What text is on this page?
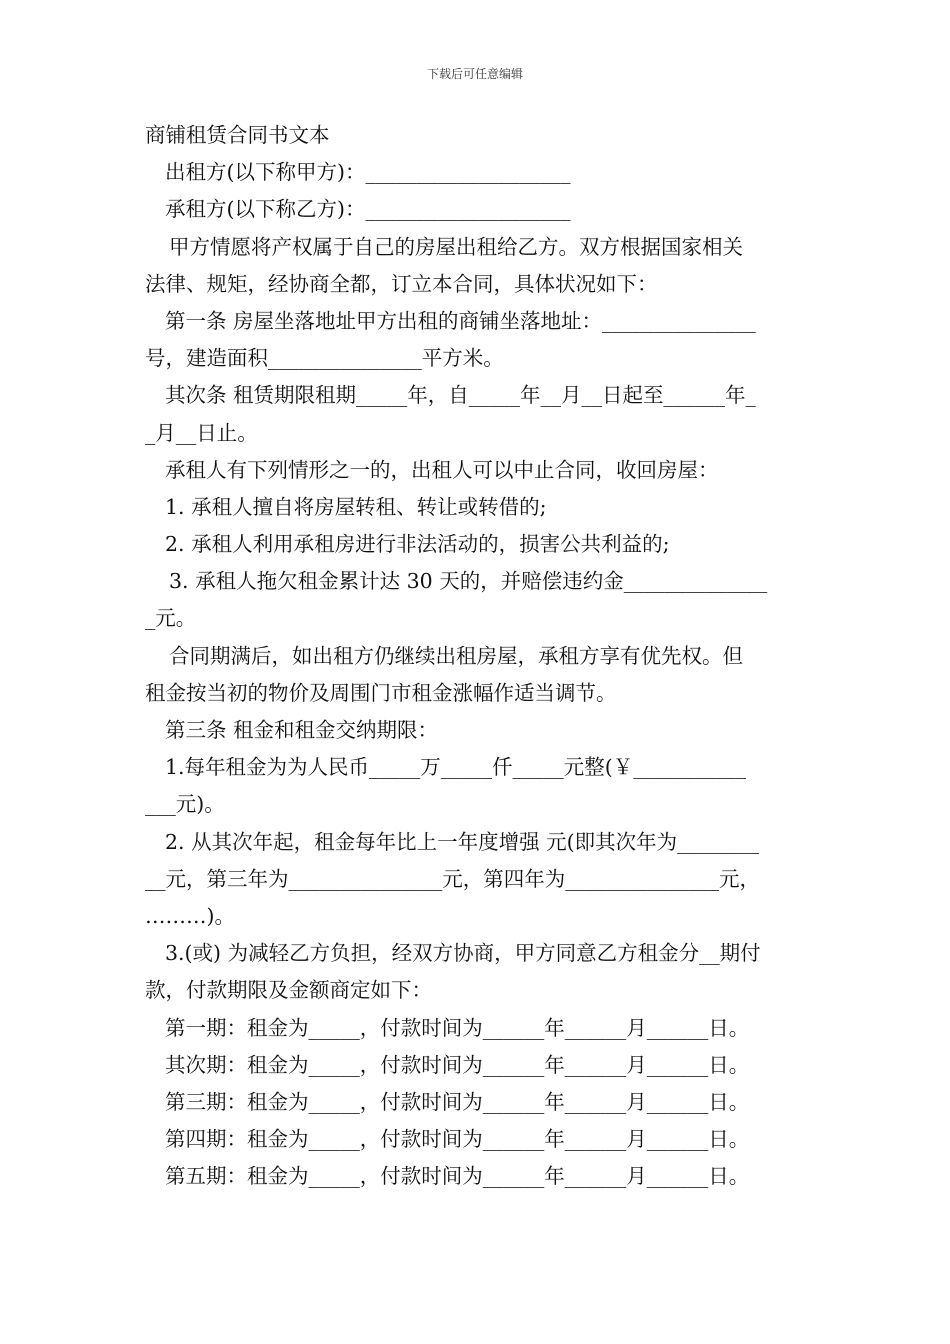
下载后可任意编辑
商铺租赁合同书文本
出租方(以下称甲方)：____________________
承租方(以下称乙方)：____________________
甲方情愿将产权属于自己的房屋出租给乙方。双方根据国家相关
法律、规矩，经协商全都，订立本合同，具体状况如下：
第一条 房屋坐落地址甲方出租的商铺坐落地址：_______________
号，建造面积_______________平方米。
其次条 租赁期限租期_____年，自_____年__月__日起至______年_
_月__日止。
承租人有下列情形之一的，出租人可以中止合同，收回房屋：
1. 承租人擅自将房屋转租、转让或转借的;
2. 承租人利用承租房进行非法活动的，损害公共利益的;
3. 承租人拖欠租金累计达 30 天的，并赔偿违约金______________
_元。
合同期满后，如出租方仍继续出租房屋，承租方享有优先权。但
租金按当初的物价及周围门市租金涨幅作适当调节。
第三条 租金和租金交纳期限：
1.每年租金为为人民币_____万_____仟_____元整(￥___________
___元)。
2. 从其次年起，租金每年比上一年度增强 元(即其次年为________
__元，第三年为_______________元，第四年为_______________元，
………)。
3.(或) 为减轻乙方负担，经双方协商，甲方同意乙方租金分__期付
款，付款期限及金额商定如下：
第一期：租金为_____，付款时间为______年______月______日。
其次期：租金为_____，付款时间为______年______月______日。
第三期：租金为_____，付款时间为______年______月______日。
第四期：租金为_____，付款时间为______年______月______日。
第五期：租金为_____，付款时间为______年______月______日。
